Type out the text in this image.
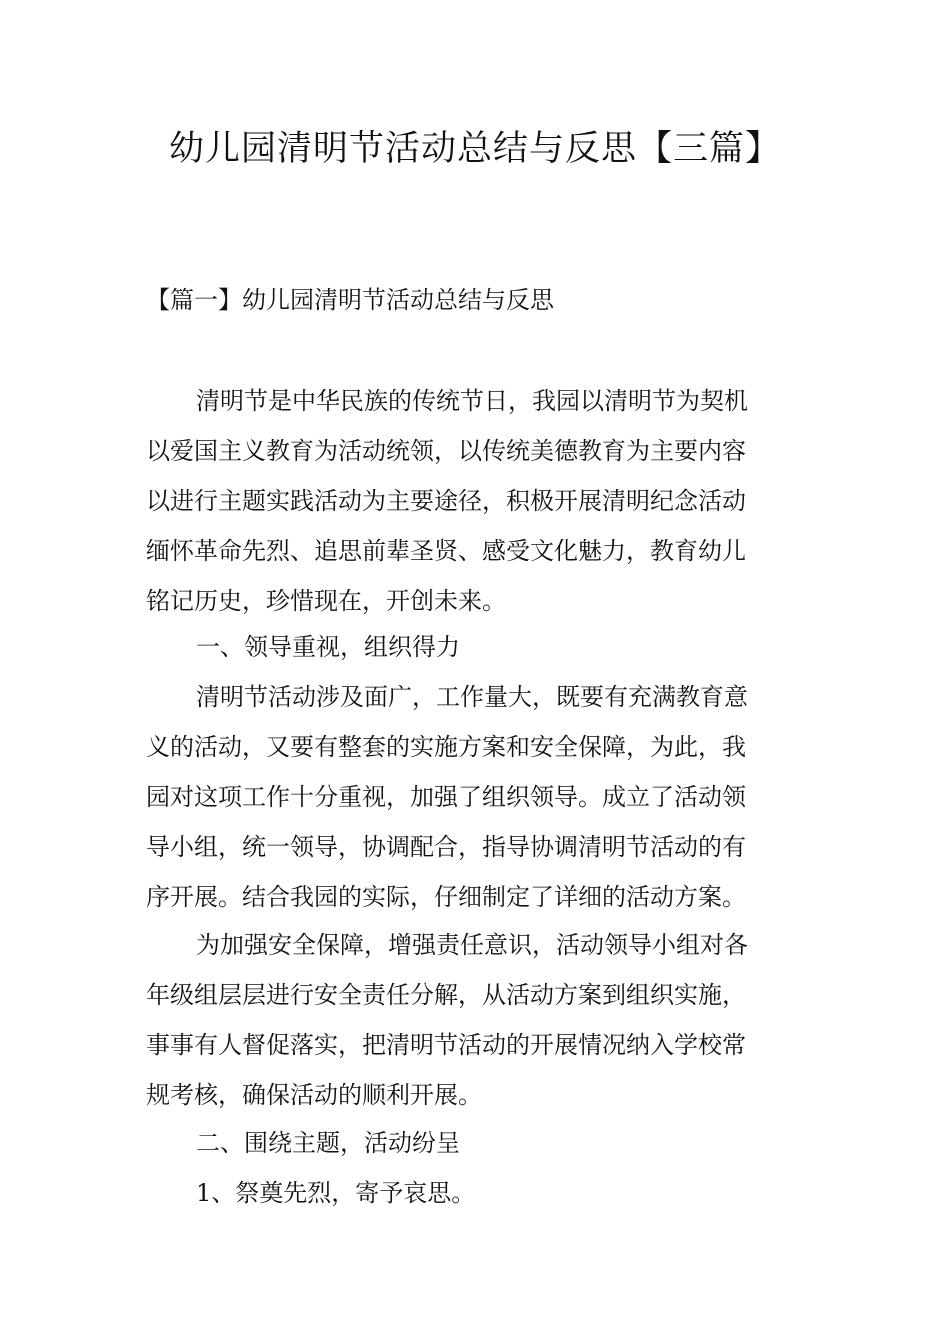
幼儿园清明节活动总结与反思【三篇】
【篇一】幼儿园清明节活动总结与反思
清明节是中华民族的传统节日，我园以清明节为契机
以爱国主义教育为活动统领，以传统美德教育为主要内容
以进行主题实践活动为主要途径，积极开展清明纪念活动
缅怀革命先烈、追思前辈圣贤、感受文化魅力，教育幼儿
铭记历史，珍惜现在，开创未来。
一、领导重视，组织得力
清明节活动涉及面广，工作量大，既要有充满教育意
义的活动，又要有整套的实施方案和安全保障，为此，我
园对这项工作十分重视，加强了组织领导。成立了活动领
导小组，统一领导，协调配合，指导协调清明节活动的有
序开展。结合我园的实际，仔细制定了详细的活动方案。
为加强安全保障，增强责任意识，活动领导小组对各
年级组层层进行安全责任分解，从活动方案到组织实施，
事事有人督促落实，把清明节活动的开展情况纳入学校常
规考核，确保活动的顺利开展。
二、围绕主题，活动纷呈
1、祭奠先烈，寄予哀思。
